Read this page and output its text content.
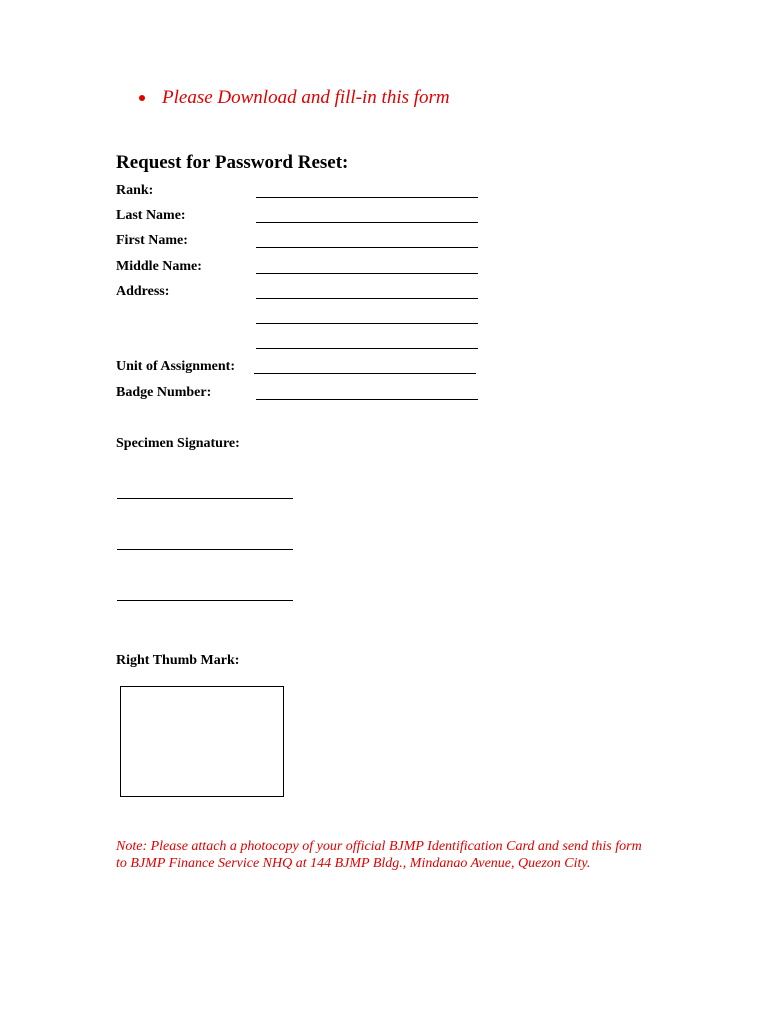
Please Download and fill-in this form
Request for Password Reset:
Rank:
Last Name:
First Name:
Middle Name:
Address:
Unit of Assignment:
Badge Number:
Specimen Signature:
Right Thumb Mark:
Note: Please attach a photocopy of your official BJMP Identification Card and send this form to BJMP Finance Service NHQ at 144 BJMP Bldg., Mindanao Avenue, Quezon City.
